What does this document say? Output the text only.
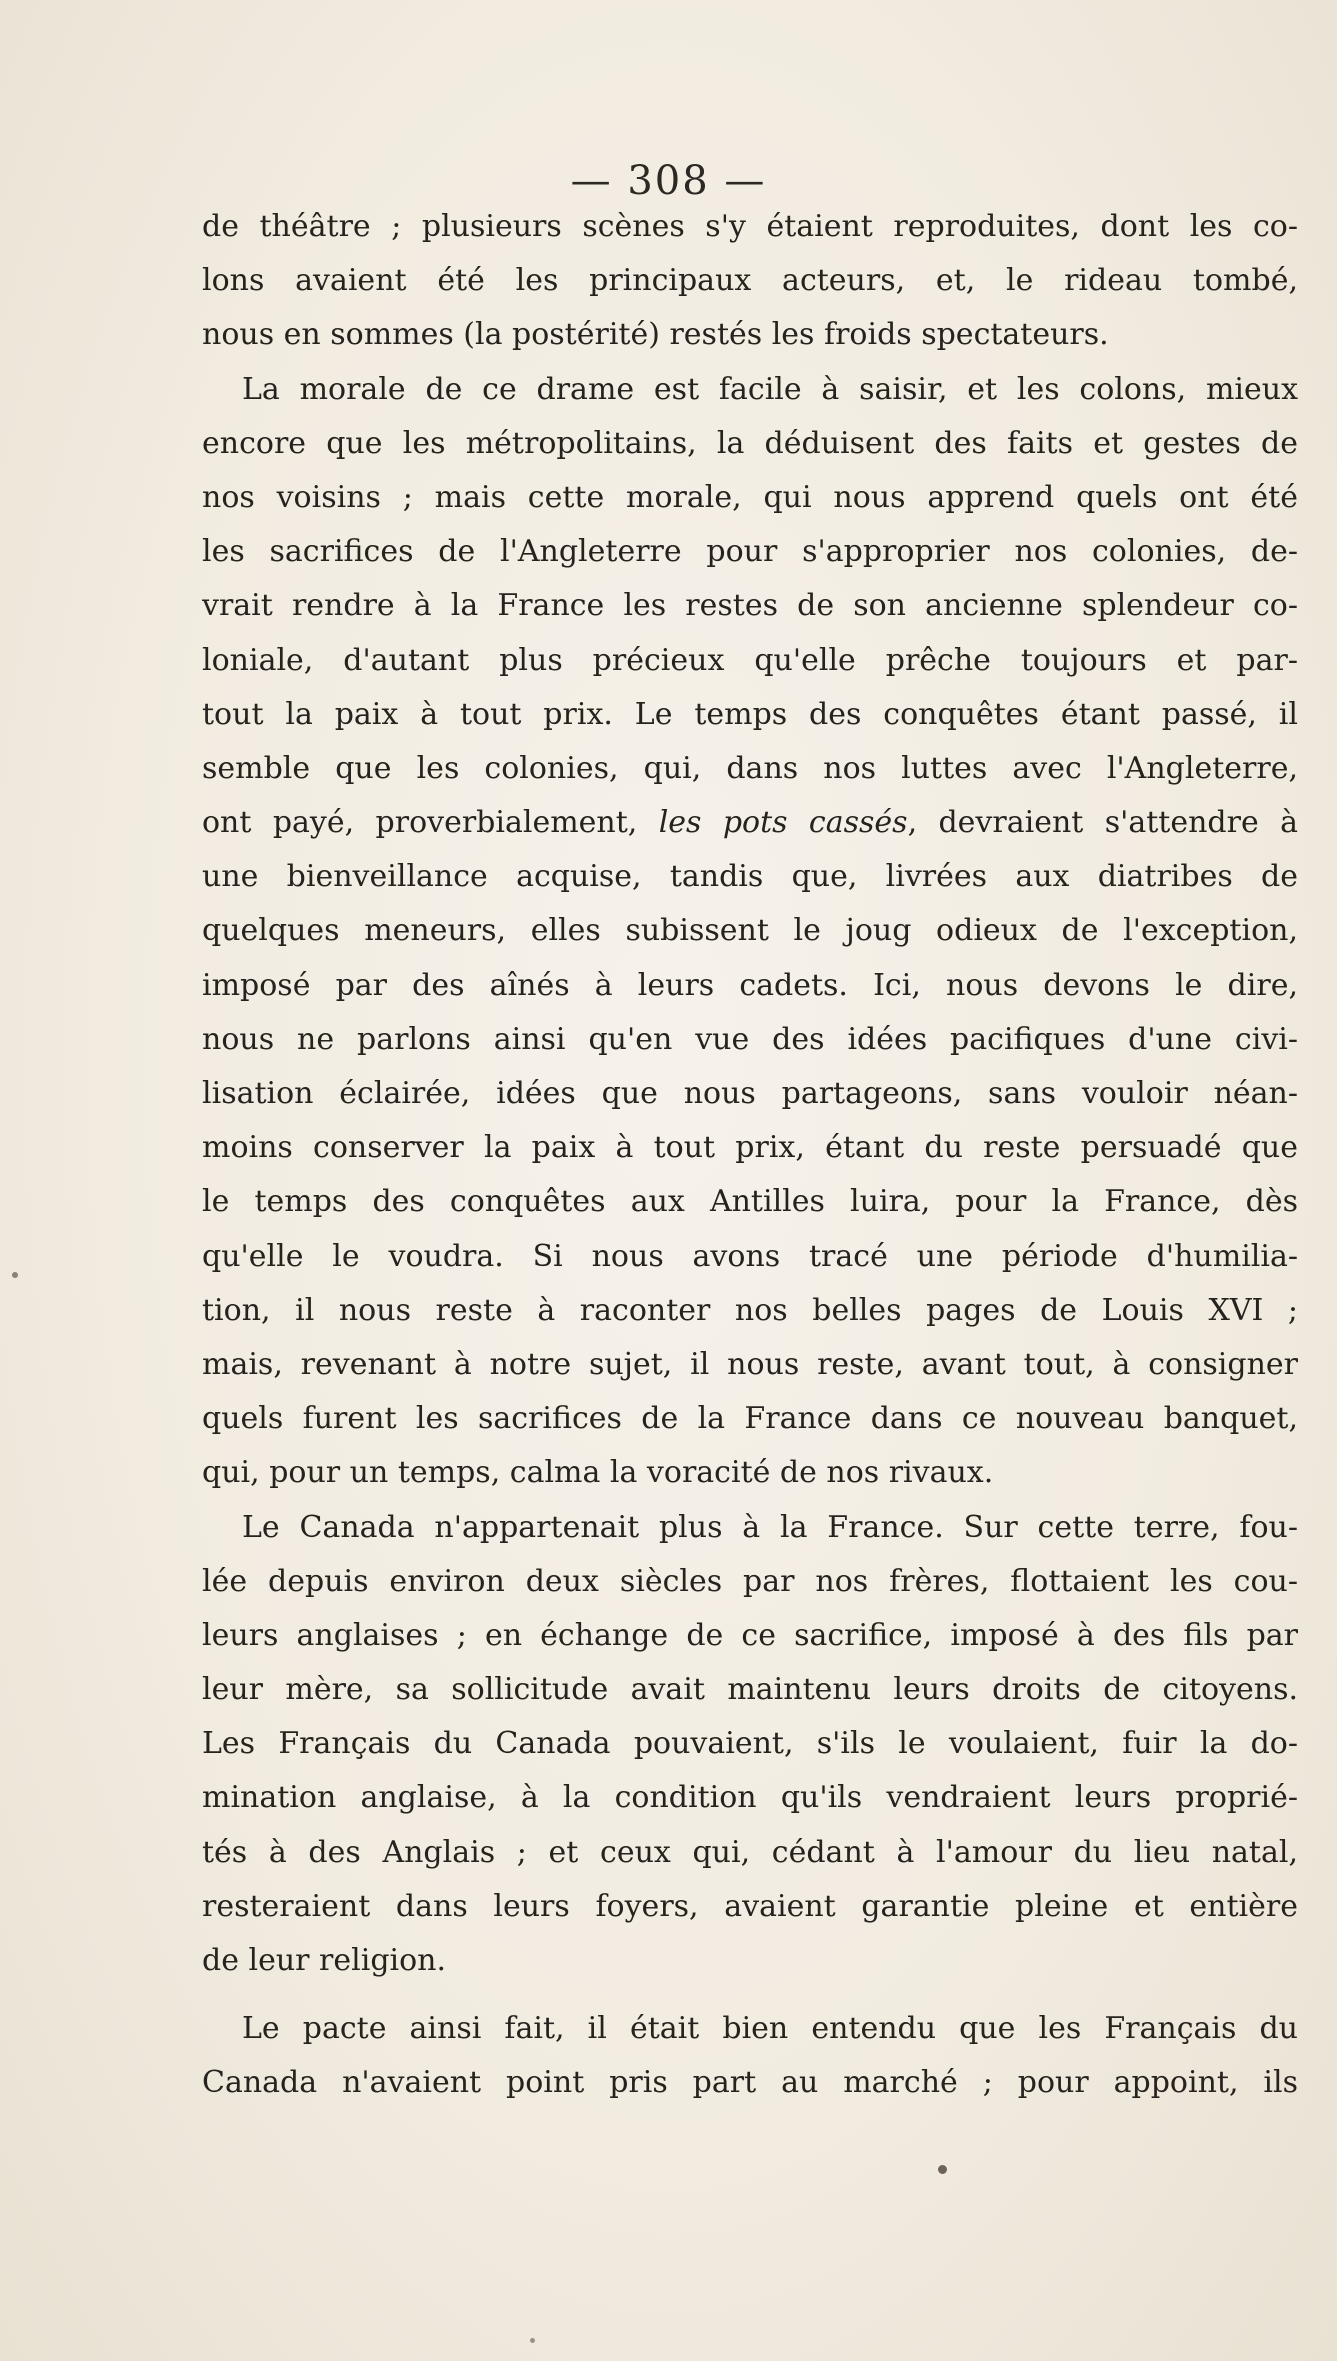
— 308 —
de théâtre ; plusieurs scènes s'y étaient reproduites, dont les co-
lons avaient été les principaux acteurs, et, le rideau tombé,
nous en sommes (la postérité) restés les froids spectateurs.
La morale de ce drame est facile à saisir, et les colons, mieux
encore que les métropolitains, la déduisent des faits et gestes de
nos voisins ; mais cette morale, qui nous apprend quels ont été
les sacrifices de l'Angleterre pour s'approprier nos colonies, de-
vrait rendre à la France les restes de son ancienne splendeur co-
loniale, d'autant plus précieux qu'elle prêche toujours et par-
tout la paix à tout prix. Le temps des conquêtes étant passé, il
semble que les colonies, qui, dans nos luttes avec l'Angleterre,
ont payé, proverbialement, les pots cassés, devraient s'attendre à
une bienveillance acquise, tandis que, livrées aux diatribes de
quelques meneurs, elles subissent le joug odieux de l'exception,
imposé par des aînés à leurs cadets. Ici, nous devons le dire,
nous ne parlons ainsi qu'en vue des idées pacifiques d'une civi-
lisation éclairée, idées que nous partageons, sans vouloir néan-
moins conserver la paix à tout prix, étant du reste persuadé que
le temps des conquêtes aux Antilles luira, pour la France, dès
qu'elle le voudra. Si nous avons tracé une période d'humilia-
tion, il nous reste à raconter nos belles pages de Louis XVI ;
mais, revenant à notre sujet, il nous reste, avant tout, à consigner
quels furent les sacrifices de la France dans ce nouveau banquet,
qui, pour un temps, calma la voracité de nos rivaux.
Le Canada n'appartenait plus à la France. Sur cette terre, fou-
lée depuis environ deux siècles par nos frères, flottaient les cou-
leurs anglaises ; en échange de ce sacrifice, imposé à des fils par
leur mère, sa sollicitude avait maintenu leurs droits de citoyens.
Les Français du Canada pouvaient, s'ils le voulaient, fuir la do-
mination anglaise, à la condition qu'ils vendraient leurs proprié-
tés à des Anglais ; et ceux qui, cédant à l'amour du lieu natal,
resteraient dans leurs foyers, avaient garantie pleine et entière
de leur religion.
Le pacte ainsi fait, il était bien entendu que les Français du
Canada n'avaient point pris part au marché ; pour appoint, ils
